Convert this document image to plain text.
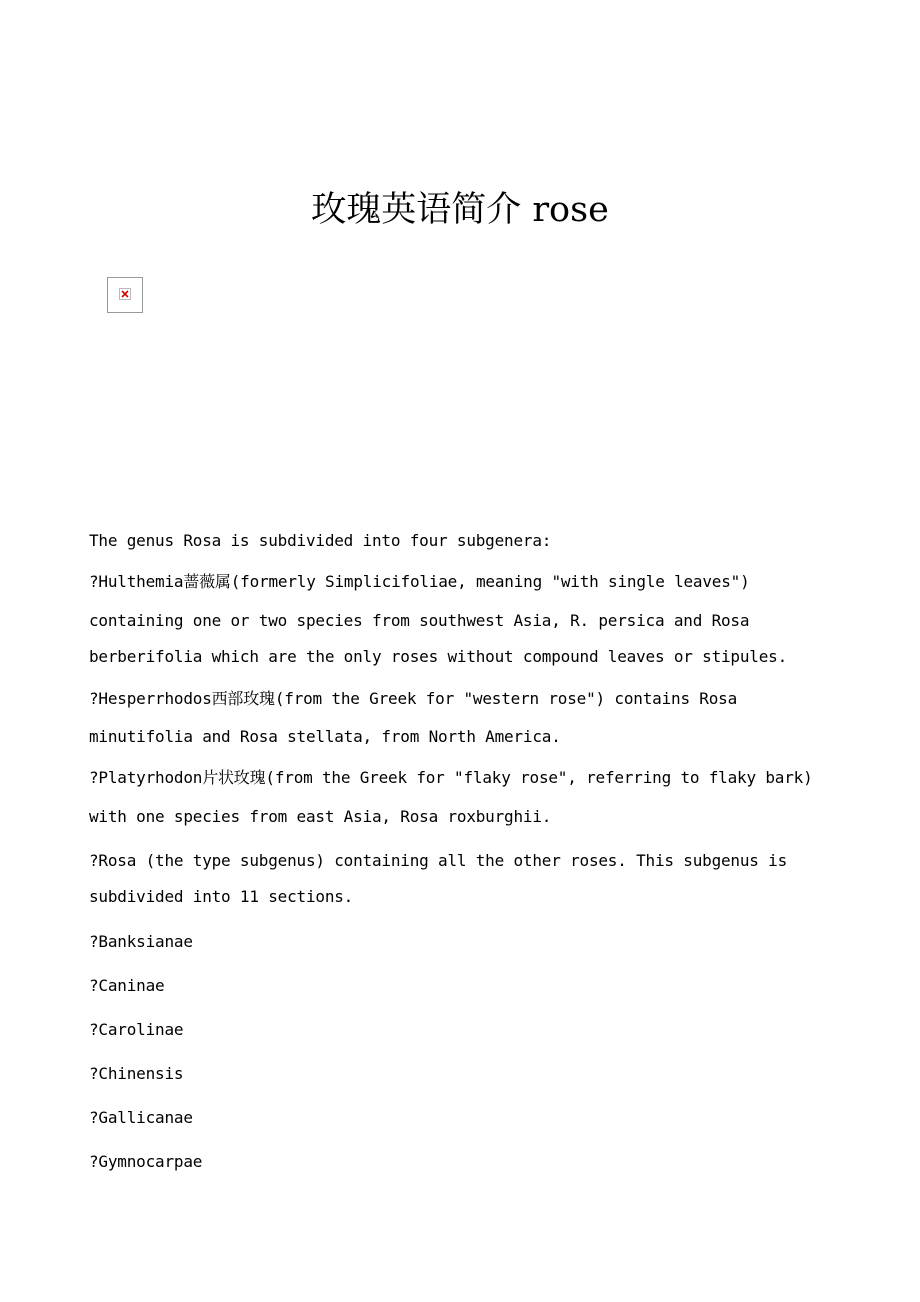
玫瑰英语简介 rose
The genus Rosa is subdivided into four subgenera:
?Hulthemia蔷薇属(formerly Simplicifoliae, meaning "with single leaves")
containing one or two species from southwest Asia, R. persica and Rosa
berberifolia which are the only roses without compound leaves or stipules.
?Hesperrhodos西部玫瑰(from the Greek for "western rose") contains Rosa
minutifolia and Rosa stellata, from North America.
?Platyrhodon片状玫瑰(from the Greek for "flaky rose", referring to flaky bark)
with one species from east Asia, Rosa roxburghii.
?Rosa (the type subgenus) containing all the other roses. This subgenus is
subdivided into 11 sections.
?Banksianae
?Caninae
?Carolinae
?Chinensis
?Gallicanae
?Gymnocarpae
